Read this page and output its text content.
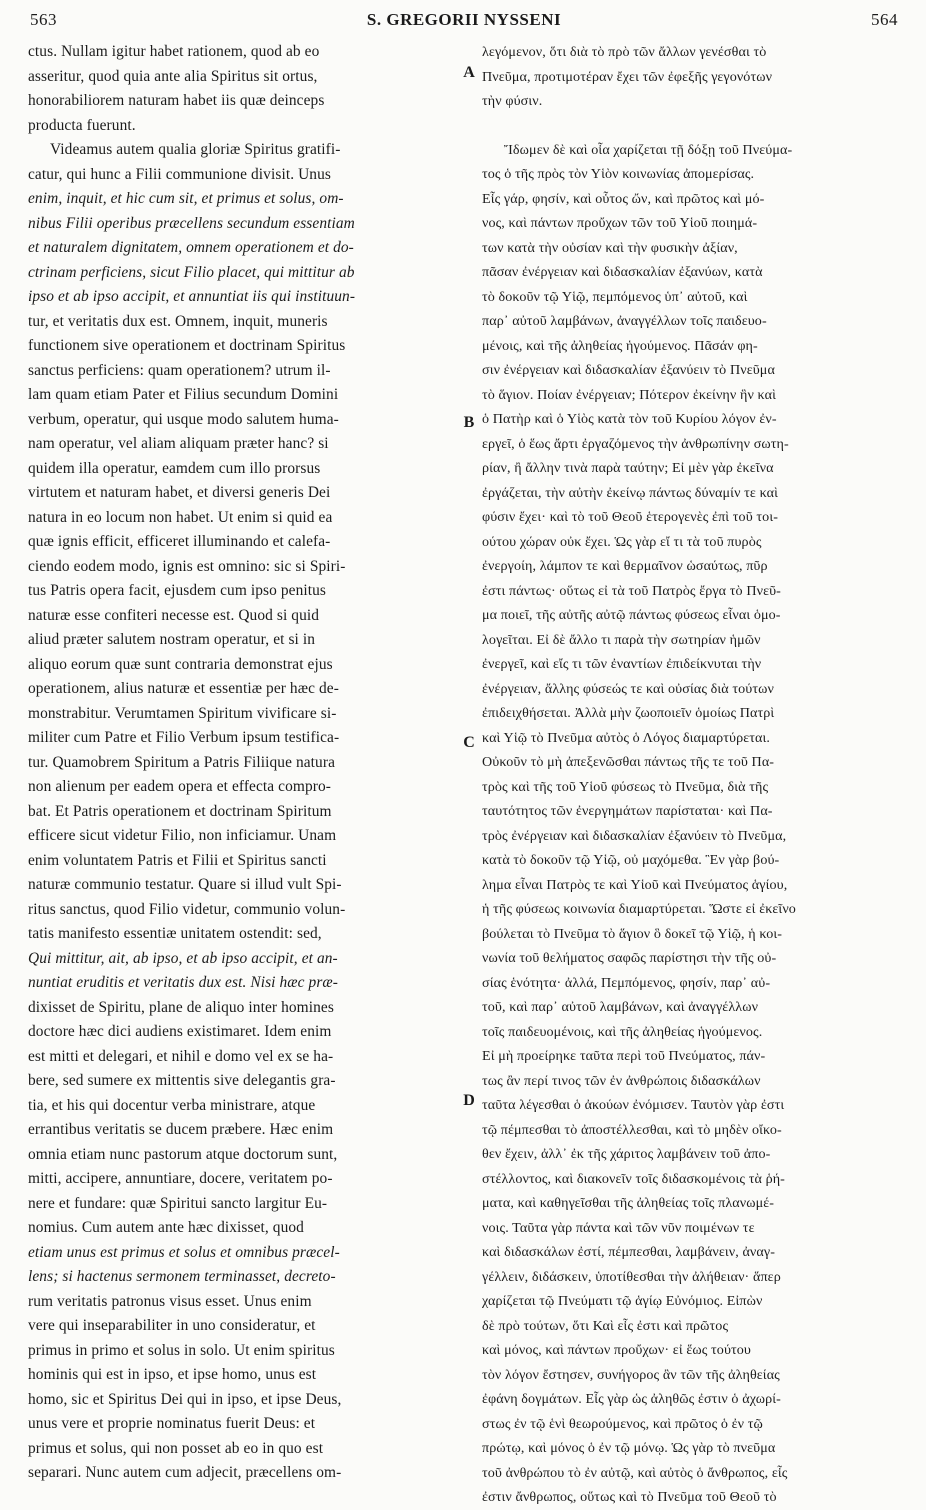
563	S. GREGORII NYSSENI	564
A
B
C
D
ctus. Nullam igitur habet rationem, quod ab eo
asseritur, quod quia ante alia Spiritus sit ortus,
honorabiliorem naturam habet iis quæ deinceps
producta fuerunt.
Videamus autem qualia gloriæ Spiritus gratifi-
catur, qui hunc a Filii communione divisit. Unus
enim, inquit, et hic cum sit, et primus et solus, om-
nibus Filii operibus præcellens secundum essentiam
et naturalem dignitatem, omnem operationem et do-
ctrinam perficiens, sicut Filio placet, qui mittitur ab
ipso et ab ipso accipit, et annuntiat iis qui instituun-
tur, et veritatis dux est. Omnem, inquit, muneris
functionem sive operationem et doctrinam Spiritus
sanctus perficiens: quam operationem? utrum il-
lam quam etiam Pater et Filius secundum Domini
verbum, operatur, qui usque modo salutem huma-
nam operatur, vel aliam aliquam præter hanc? si
quidem illa operatur, eamdem cum illo prorsus
virtutem et naturam habet, et diversi generis Dei
natura in eo locum non habet. Ut enim si quid ea
quæ ignis efficit, efficeret illuminando et calefa-
ciendo eodem modo, ignis est omnino: sic si Spiri-
tus Patris opera facit, ejusdem cum ipso penitus
naturæ esse confiteri necesse est. Quod si quid
aliud præter salutem nostram operatur, et si in
aliquo eorum quæ sunt contraria demonstrat ejus
operationem, alius naturæ et essentiæ per hæc de-
monstrabitur. Verumtamen Spiritum vivificare si-
militer cum Patre et Filio Verbum ipsum testifica-
tur. Quamobrem Spiritum a Patris Filiique natura
non alienum per eadem opera et effecta compro-
bat. Et Patris operationem et doctrinam Spiritum
efficere sicut videtur Filio, non inficiamur. Unam
enim voluntatem Patris et Filii et Spiritus sancti
naturæ communio testatur. Quare si illud vult Spi-
ritus sanctus, quod Filio videtur, communio volun-
tatis manifesto essentiæ unitatem ostendit: sed,
Qui mittitur, ait, ab ipso, et ab ipso accipit, et an-
nuntiat eruditis et veritatis dux est. Nisi hæc præ-
dixisset de Spiritu, plane de aliquo inter homines
doctore hæc dici audiens existimaret. Idem enim
est mitti et delegari, et nihil e domo vel ex se ha-
bere, sed sumere ex mittentis sive delegantis gra-
tia, et his qui docentur verba ministrare, atque
errantibus veritatis se ducem præbere. Hæc enim
omnia etiam nunc pastorum atque doctorum sunt,
mitti, accipere, annuntiare, docere, veritatem po-
nere et fundare: quæ Spiritui sancto largitur Eu-
nomius. Cum autem ante hæc dixisset, quod
etiam unus est primus et solus et omnibus præcel-
lens; si hactenus sermonem terminasset, decreto-
rum veritatis patronus visus esset. Unus enim
vere qui inseparabiliter in uno consideratur, et
primus in primo et solus in solo. Ut enim spiritus
hominis qui est in ipso, et ipse homo, unus est
homo, sic et Spiritus Dei qui in ipso, et ipse Deus,
unus vere et proprie nominatus fuerit Deus: et
primus et solus, qui non posset ab eo in quo est
separari. Nunc autem cum adjecit, præcellens om-
λεγόμενον, ὅτι διὰ τὸ πρὸ τῶν ἄλλων γενέσθαι τὸ
Πνεῦμα, προτιμοτέραν ἔχει τῶν ἐφεξῆς γεγονότων
τὴν φύσιν.
Ἴδωμεν δὲ καὶ οἷα χαρίζεται τῇ δόξῃ τοῦ Πνεύμα-
τος ὁ τῆς πρὸς τὸν Υἱὸν κοινωνίας ἀπομερίσας.
Εἷς γάρ, φησίν, καὶ οὗτος ὤν, καὶ πρῶτος καὶ μό-
νος, καὶ πάντων προὔχων τῶν τοῦ Υἱοῦ ποιημά-
των κατὰ τὴν οὐσίαν καὶ τὴν φυσικὴν ἀξίαν,
πᾶσαν ἐνέργειαν καὶ διδασκαλίαν ἐξανύων, κατὰ
τὸ δοκοῦν τῷ Υἱῷ, πεμπόμενος ὑπ᾽ αὐτοῦ, καὶ
παρ᾽ αὐτοῦ λαμβάνων, ἀναγγέλλων τοῖς παιδευο-
μένοις, καὶ τῆς ἀληθείας ἡγούμενος. Πᾶσάν φη-
σιν ἐνέργειαν καὶ διδασκαλίαν ἐξανύειν τὸ Πνεῦμα
τὸ ἅγιον. Ποίαν ἐνέργειαν; Πότερον ἐκείνην ἣν καὶ
ὁ Πατὴρ καὶ ὁ Υἱὸς κατὰ τὸν τοῦ Κυρίου λόγον ἐν-
εργεῖ, ὁ ἕως ἄρτι ἐργαζόμενος τὴν ἀνθρωπίνην σωτη-
ρίαν, ἢ ἄλλην τινὰ παρὰ ταύτην; Εἰ μὲν γὰρ ἐκεῖνα
ἐργάζεται, τὴν αὐτὴν ἐκείνῳ πάντως δύναμίν τε καὶ
φύσιν ἔχει· καὶ τὸ τοῦ Θεοῦ ἑτερογενὲς ἐπὶ τοῦ τοι-
ούτου χώραν οὐκ ἔχει. Ὡς γὰρ εἴ τι τὰ τοῦ πυρὸς
ἐνεργοίη, λάμπον τε καὶ θερμαῖνον ὡσαύτως, πῦρ
ἐστι πάντως· οὕτως εἰ τὰ τοῦ Πατρὸς ἔργα τὸ Πνεῦ-
μα ποιεῖ, τῆς αὐτῆς αὐτῷ πάντως φύσεως εἶναι ὁμο-
λογεῖται. Εἰ δὲ ἄλλο τι παρὰ τὴν σωτηρίαν ἡμῶν
ἐνεργεῖ, καὶ εἴς τι τῶν ἐναντίων ἐπιδείκνυται τὴν
ἐνέργειαν, ἄλλης φύσεώς τε καὶ οὐσίας διὰ τούτων
ἐπιδειχθήσεται. Ἀλλὰ μὴν ζωοποιεῖν ὁμοίως Πατρὶ
καὶ Υἱῷ τὸ Πνεῦμα αὐτὸς ὁ Λόγος διαμαρτύρεται.
Οὐκοῦν τὸ μὴ ἀπεξενῶσθαι πάντως τῆς τε τοῦ Πα-
τρὸς καὶ τῆς τοῦ Υἱοῦ φύσεως τὸ Πνεῦμα, διὰ τῆς
ταυτότητος τῶν ἐνεργημάτων παρίσταται· καὶ Πα-
τρὸς ἐνέργειαν καὶ διδασκαλίαν ἐξανύειν τὸ Πνεῦμα,
κατὰ τὸ δοκοῦν τῷ Υἱῷ, οὐ μαχόμεθα. Ἓν γὰρ βού-
λημα εἶναι Πατρὸς τε καὶ Υἱοῦ καὶ Πνεύματος ἁγίου,
ἡ τῆς φύσεως κοινωνία διαμαρτύρεται. Ὥστε εἰ ἐκεῖνο
βούλεται τὸ Πνεῦμα τὸ ἅγιον ὃ δοκεῖ τῷ Υἱῷ, ἡ κοι-
νωνία τοῦ θελήματος σαφῶς παρίστησι τὴν τῆς οὐ-
σίας ἑνότητα· ἀλλά, Πεμπόμενος, φησίν, παρ᾽ αὐ-
τοῦ, καὶ παρ᾽ αὐτοῦ λαμβάνων, καὶ ἀναγγέλλων
τοῖς παιδευομένοις, καὶ τῆς ἀληθείας ἡγούμενος.
Εἰ μὴ προείρηκε ταῦτα περὶ τοῦ Πνεύματος, πάν-
τως ἂν περί τινος τῶν ἐν ἀνθρώποις διδασκάλων
ταῦτα λέγεσθαι ὁ ἀκούων ἐνόμισεν. Ταυτὸν γὰρ ἐστι
τῷ πέμπεσθαι τὸ ἀποστέλλεσθαι, καὶ τὸ μηδὲν οἴκο-
θεν ἔχειν, ἀλλ᾽ ἐκ τῆς χάριτος λαμβάνειν τοῦ ἀπο-
στέλλοντος, καὶ διακονεῖν τοῖς διδασκομένοις τὰ ῥή-
ματα, καὶ καθηγεῖσθαι τῆς ἀληθείας τοῖς πλανωμέ-
νοις. Ταῦτα γὰρ πάντα καὶ τῶν νῦν ποιμένων τε
καὶ διδασκάλων ἐστί, πέμπεσθαι, λαμβάνειν, ἀναγ-
γέλλειν, διδάσκειν, ὑποτίθεσθαι τὴν ἀλήθειαν· ἅπερ
χαρίζεται τῷ Πνεύματι τῷ ἁγίῳ Εὐνόμιος. Εἰπὼν
δὲ πρὸ τούτων, ὅτι Καὶ εἷς ἐστι καὶ πρῶτος
καὶ μόνος, καὶ πάντων προὔχων· εἰ ἕως τούτου
τὸν λόγον ἔστησεν, συνήγορος ἂν τῶν τῆς ἀληθείας
ἐφάνη δογμάτων. Εἷς γὰρ ὡς ἀληθῶς ἐστιν ὁ ἀχωρί-
στως ἐν τῷ ἑνὶ θεωρούμενος, καὶ πρῶτος ὁ ἐν τῷ
πρώτῳ, καὶ μόνος ὁ ἐν τῷ μόνῳ. Ὡς γὰρ τὸ πνεῦμα
τοῦ ἀνθρώπου τὸ ἐν αὐτῷ, καὶ αὐτὸς ὁ ἄνθρωπος, εἷς
ἐστιν ἄνθρωπος, οὕτως καὶ τὸ Πνεῦμα τοῦ Θεοῦ τὸ
